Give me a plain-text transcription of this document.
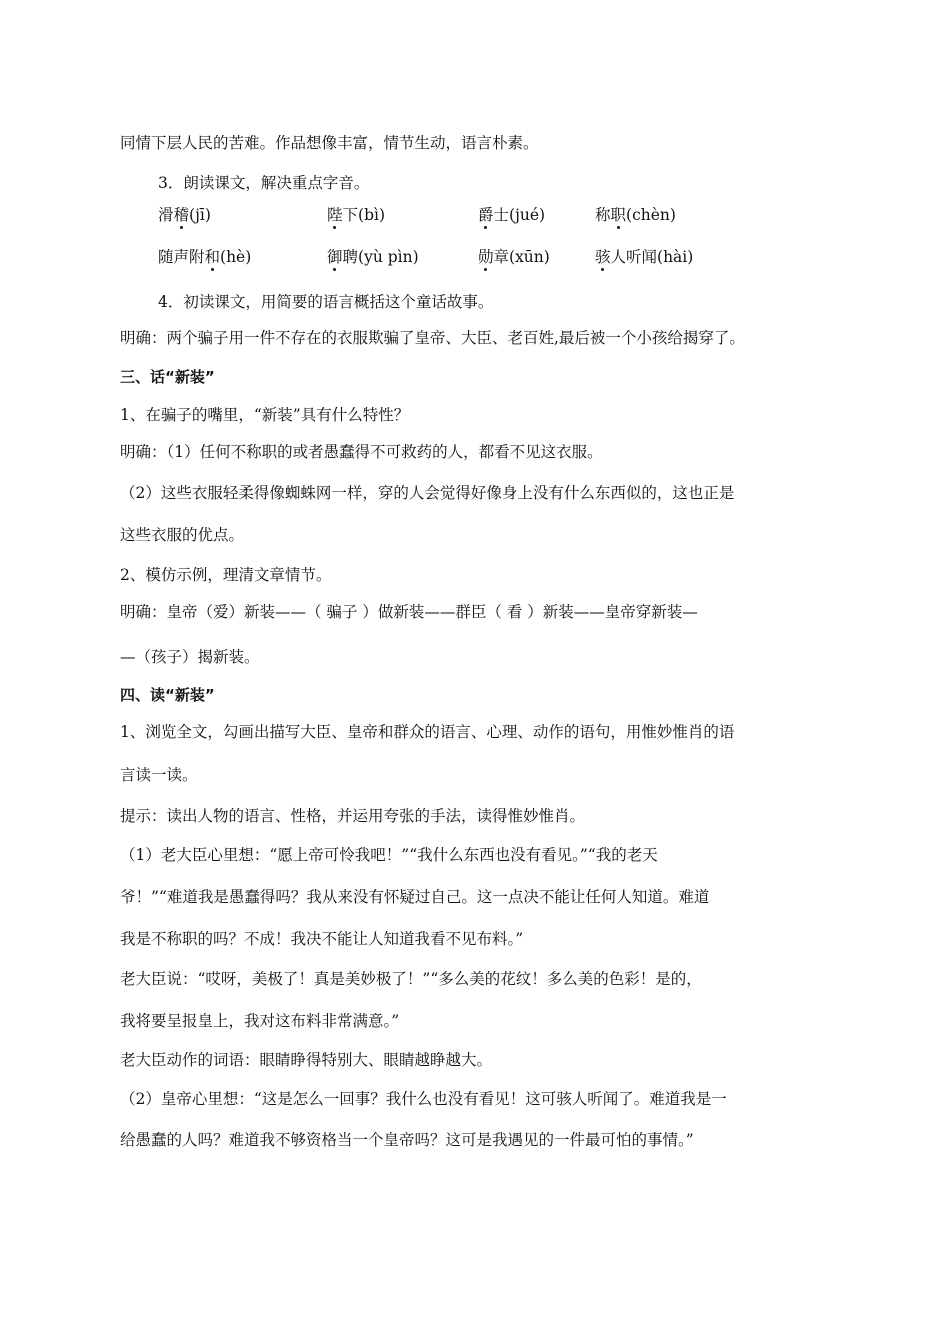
同情下层人民的苦难。作品想像丰富，情节生动，语言朴素。
3．朗读课文，解决重点字音。
滑稽(jī)	陛下(bì)	爵士(jué)	称职(chèn)
随声附和(hè)	御聘(yù pìn)	勋章(xūn)	骇人听闻(hài)
4．初读课文，用简要的语言概括这个童话故事。
明确：两个骗子用一件不存在的衣服欺骗了皇帝、大臣、老百姓,最后被一个小孩给揭穿了。
三、话“新装”
1、在骗子的嘴里，“新装”具有什么特性？
明确：（1）任何不称职的或者愚蠢得不可救药的人，都看不见这衣服。
（2）这些衣服轻柔得像蜘蛛网一样，穿的人会觉得好像身上没有什么东西似的，这也正是
这些衣服的优点。
2、模仿示例，理清文章情节。
明确：皇帝（爱）新装——（ 骗子 ）做新装——群臣（ 看 ）新装——皇帝穿新装—
—（孩子）揭新装。
四、读“新装”
1、浏览全文，勾画出描写大臣、皇帝和群众的语言、心理、动作的语句，用惟妙惟肖的语
言读一读。
提示：读出人物的语言、性格，并运用夸张的手法，读得惟妙惟肖。
（1）老大臣心里想：“愿上帝可怜我吧！”“我什么东西也没有看见。”“我的老天
爷！”“难道我是愚蠢得吗？我从来没有怀疑过自己。这一点决不能让任何人知道。难道
我是不称职的吗？不成！我决不能让人知道我看不见布料。”
老大臣说：“哎呀，美极了！真是美妙极了！”“多么美的花纹！多么美的色彩！是的，
我将要呈报皇上，我对这布料非常满意。”
老大臣动作的词语：眼睛睁得特别大、眼睛越睁越大。
（2）皇帝心里想：“这是怎么一回事？我什么也没有看见！这可骇人听闻了。难道我是一
给愚蠢的人吗？难道我不够资格当一个皇帝吗？这可是我遇见的一件最可怕的事情。”
